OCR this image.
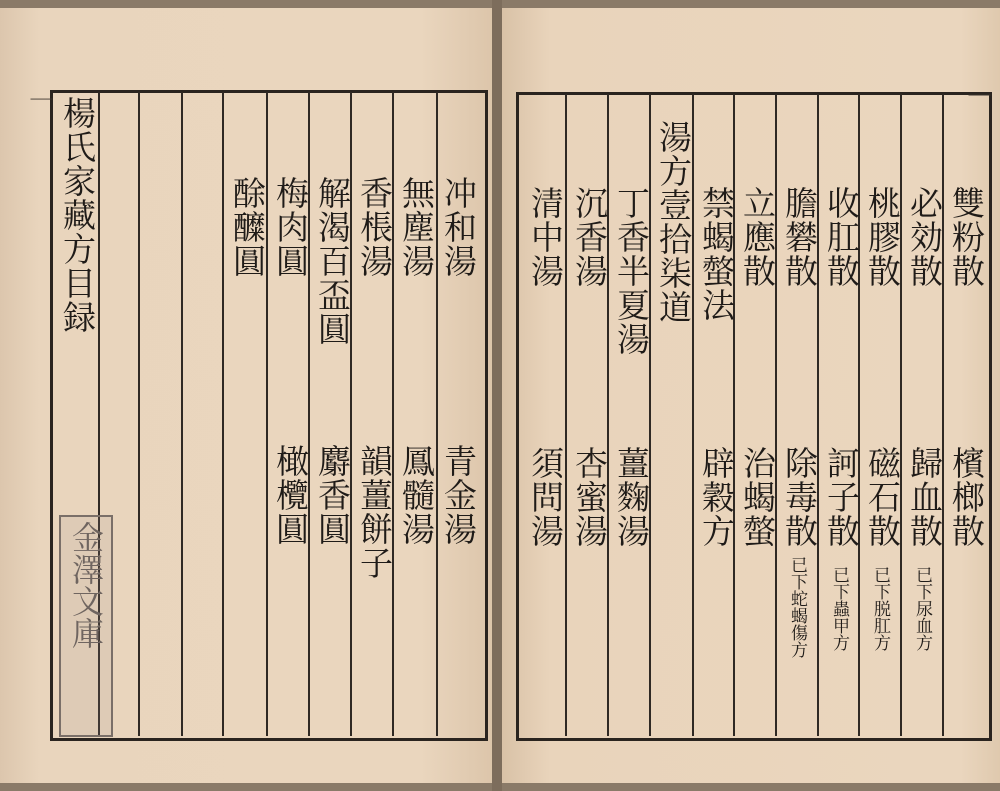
｜ 楊氏家藏方目録	冲和湯
青金湯
無塵湯
鳳髓湯
香棖湯
韻薑餅子
解渴百盃圓
麝香圓
梅肉圓
橄欖圓
酴醾圓
金澤文庫
｜
雙粉散
檳榔散
必効散
歸血散
已下尿血方
桃膠散
磁石散
已下脱肛方
收肛散
訶子散
已下蟲甲方
膽礬散
除毒散
已下蛇蝎傷方
立應散
治蝎螫
禁蝎螫法
辟穀方
湯方壹拾柒道
丁香半夏湯
薑麴湯
沉香湯
杏蜜湯
清中湯
須問湯
